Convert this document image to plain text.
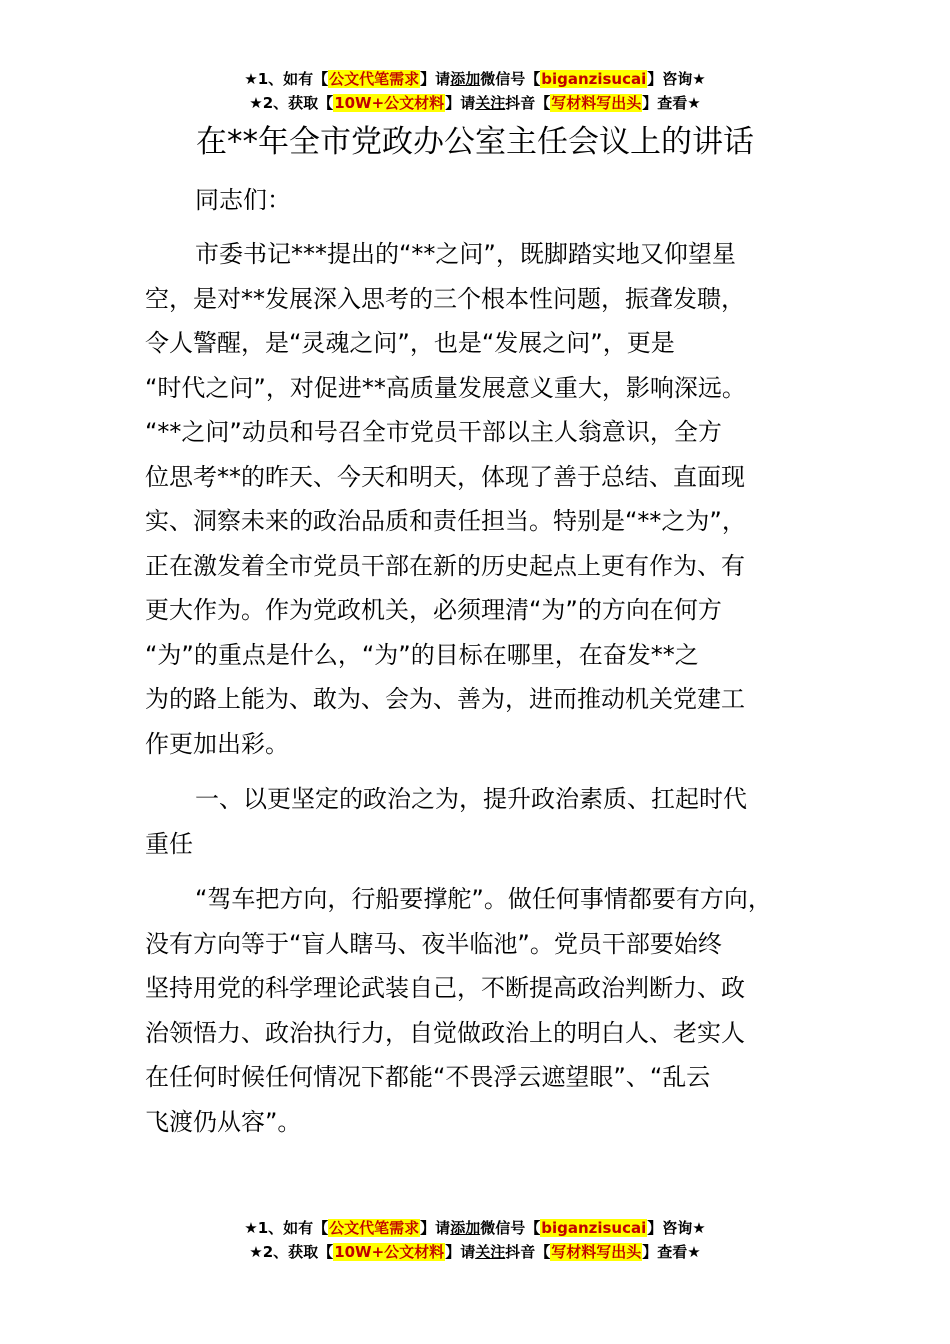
★1、如有【公文代笔需求】请添加微信号【biganzisucai】咨询★
★2、获取【10W+公文材料】请关注抖音【写材料写出头】查看★
在**年全市党政办公室主任会议上的讲话
同志们：
市委书记***提出的“**之问”，既脚踏实地又仰望星
空，是对**发展深入思考的三个根本性问题，振聋发聩，
令人警醒，是“灵魂之问”，也是“发展之问”，更是
“时代之问”，对促进**高质量发展意义重大，影响深远。
“**之问”动员和号召全市党员干部以主人翁意识，全方
位思考**的昨天、今天和明天，体现了善于总结、直面现
实、洞察未来的政治品质和责任担当。特别是“**之为”，
正在激发着全市党员干部在新的历史起点上更有作为、有
更大作为。作为党政机关，必须理清“为”的方向在何方
“为”的重点是什么，“为”的目标在哪里，在奋发**之
为的路上能为、敢为、会为、善为，进而推动机关党建工
作更加出彩。
一、以更坚定的政治之为，提升政治素质、扛起时代
重任
“驾车把方向，行船要撑舵”。做任何事情都要有方向，
没有方向等于“盲人瞎马、夜半临池”。党员干部要始终
坚持用党的科学理论武装自己，不断提高政治判断力、政
治领悟力、政治执行力，自觉做政治上的明白人、老实人
在任何时候任何情况下都能“不畏浮云遮望眼”、“乱云
飞渡仍从容”。
★1、如有【公文代笔需求】请添加微信号【biganzisucai】咨询★
★2、获取【10W+公文材料】请关注抖音【写材料写出头】查看★
